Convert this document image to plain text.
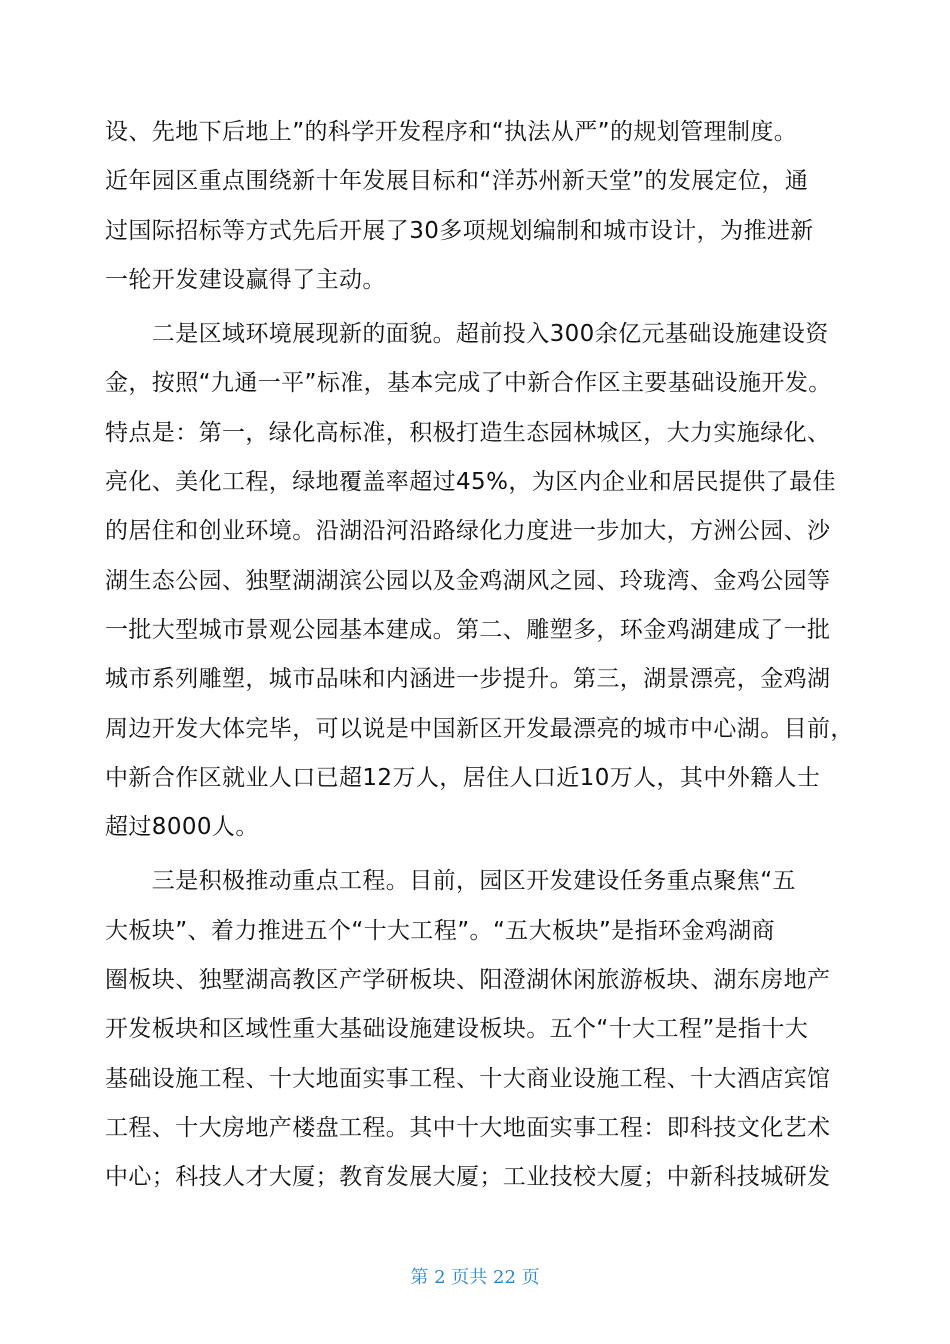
设、先地下后地上”的科学开发程序和“执法从严”的规划管理制度。
近年园区重点围绕新十年发展目标和“洋苏州新天堂”的发展定位，通
过国际招标等方式先后开展了30多项规划编制和城市设计，为推进新
一轮开发建设赢得了主动。
　　二是区域环境展现新的面貌。超前投入300余亿元基础设施建设资
金，按照“九通一平”标准，基本完成了中新合作区主要基础设施开发。
特点是：第一，绿化高标准，积极打造生态园林城区，大力实施绿化、
亮化、美化工程，绿地覆盖率超过45%，为区内企业和居民提供了最佳
的居住和创业环境。沿湖沿河沿路绿化力度进一步加大，方洲公园、沙
湖生态公园、独墅湖湖滨公园以及金鸡湖风之园、玲珑湾、金鸡公园等
一批大型城市景观公园基本建成。第二、雕塑多，环金鸡湖建成了一批
城市系列雕塑，城市品味和内涵进一步提升。第三，湖景漂亮，金鸡湖
周边开发大体完毕，可以说是中国新区开发最漂亮的城市中心湖。目前，
中新合作区就业人口已超12万人，居住人口近10万人，其中外籍人士
超过8000人。
　　三是积极推动重点工程。目前，园区开发建设任务重点聚焦“五
大板块”、着力推进五个“十大工程”。“五大板块”是指环金鸡湖商
圈板块、独墅湖高教区产学研板块、阳澄湖休闲旅游板块、湖东房地产
开发板块和区域性重大基础设施建设板块。五个“十大工程”是指十大
基础设施工程、十大地面实事工程、十大商业设施工程、十大酒店宾馆
工程、十大房地产楼盘工程。其中十大地面实事工程：即科技文化艺术
中心；科技人才大厦；教育发展大厦；工业技校大厦；中新科技城研发
第 2 页共 22 页
